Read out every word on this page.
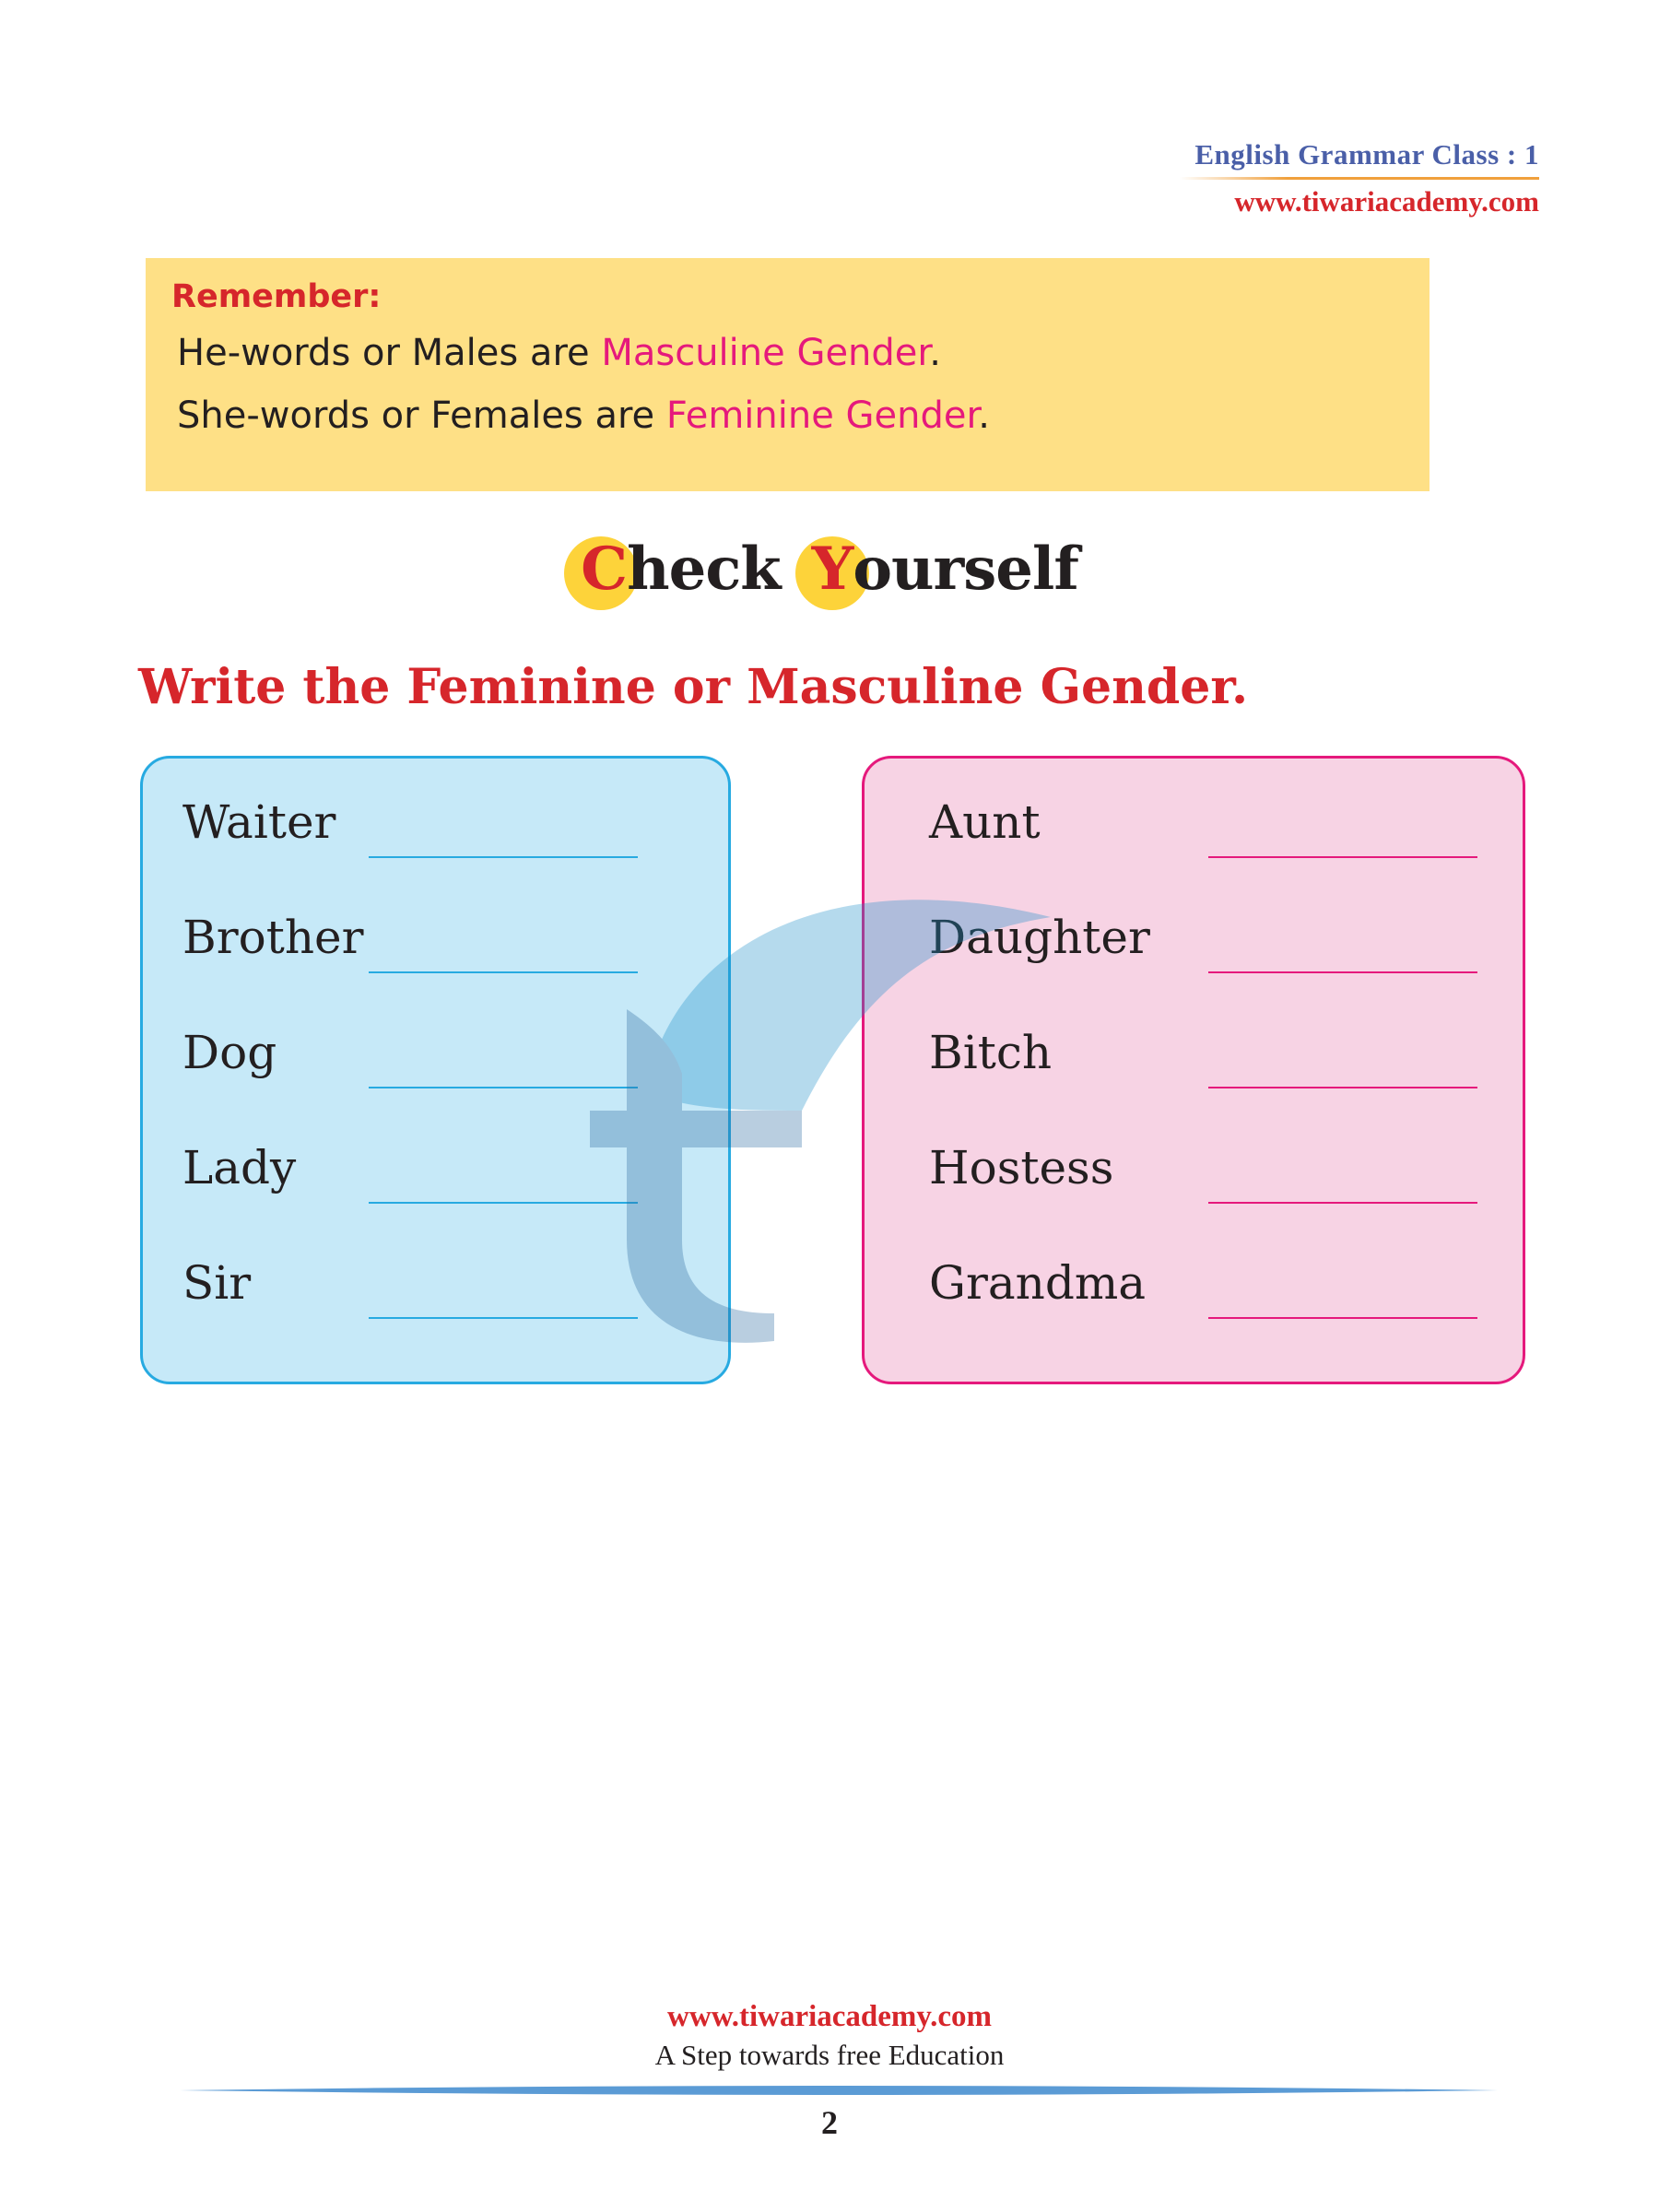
English Grammar Class : 1
www.tiwariacademy.com
Remember:
He-words or Males are Masculine Gender.
She-words or Females are Feminine Gender.
Check Yourself
Write the Feminine or Masculine Gender.
Waiter
Brother
Dog
Lady
Sir
Aunt
Daughter
Bitch
Hostess
Grandma
www.tiwariacademy.com
A Step towards free Education
2
